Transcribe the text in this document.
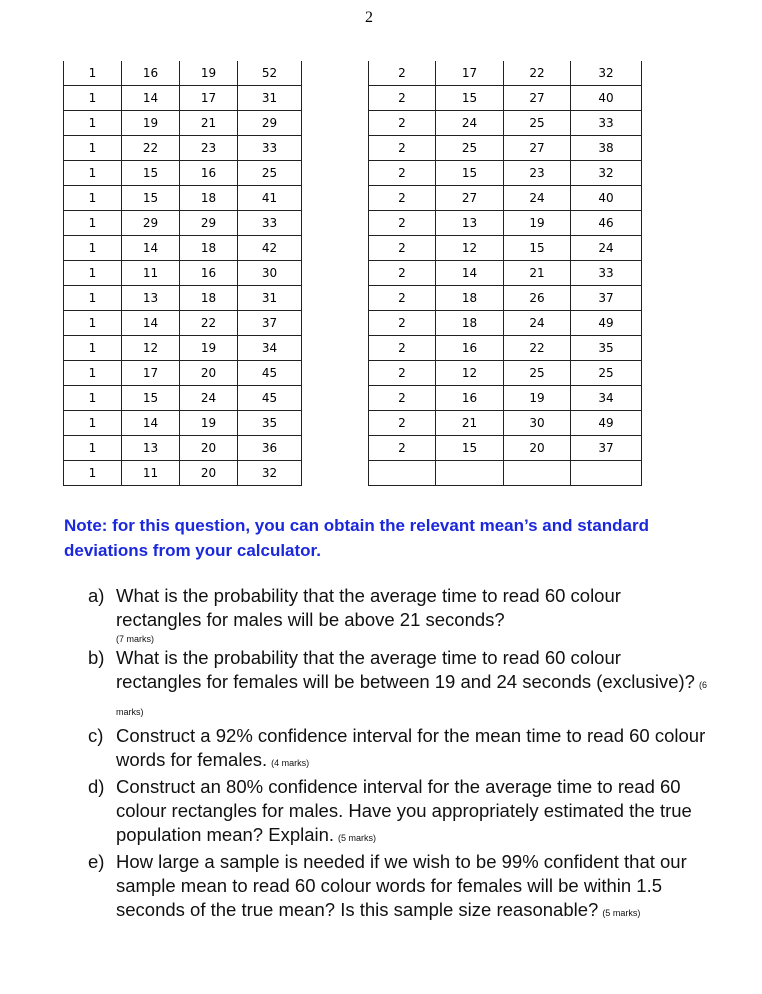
2
1	16	19	52
1	14	17	31
1	19	21	29
1	22	23	33
1	15	16	25
1	15	18	41
1	29	29	33
1	14	18	42
1	11	16	30
1	13	18	31
1	14	22	37
1	12	19	34
1	17	20	45
1	15	24	45
1	14	19	35
1	13	20	36
1	11	20	32
2	17	22	32
2	15	27	40
2	24	25	33
2	25	27	38
2	15	23	32
2	27	24	40
2	13	19	46
2	12	15	24
2	14	21	33
2	18	26	37
2	18	24	49
2	16	22	35
2	12	25	25
2	16	19	34
2	21	30	49
2	15	20	37

Note: for this question, you can obtain the relevant mean’s and standard deviations from your calculator.
a) What is the probability that the average time to read 60 colour rectangles for males will be above 21 seconds?
(7 marks)
b) What is the probability that the average time to read 60 colour rectangles for females will be between 19 and 24 seconds (exclusive)? (6 marks)
c) Construct a 92% confidence interval for the mean time to read 60 colour words for females. (4 marks)
d) Construct an 80% confidence interval for the average time to read 60 colour rectangles for males. Have you appropriately estimated the true population mean? Explain. (5 marks)
e) How large a sample is needed if we wish to be 99% confident that our sample mean to read 60 colour words for females will be within 1.5 seconds of the true mean? Is this sample size reasonable? (5 marks)
